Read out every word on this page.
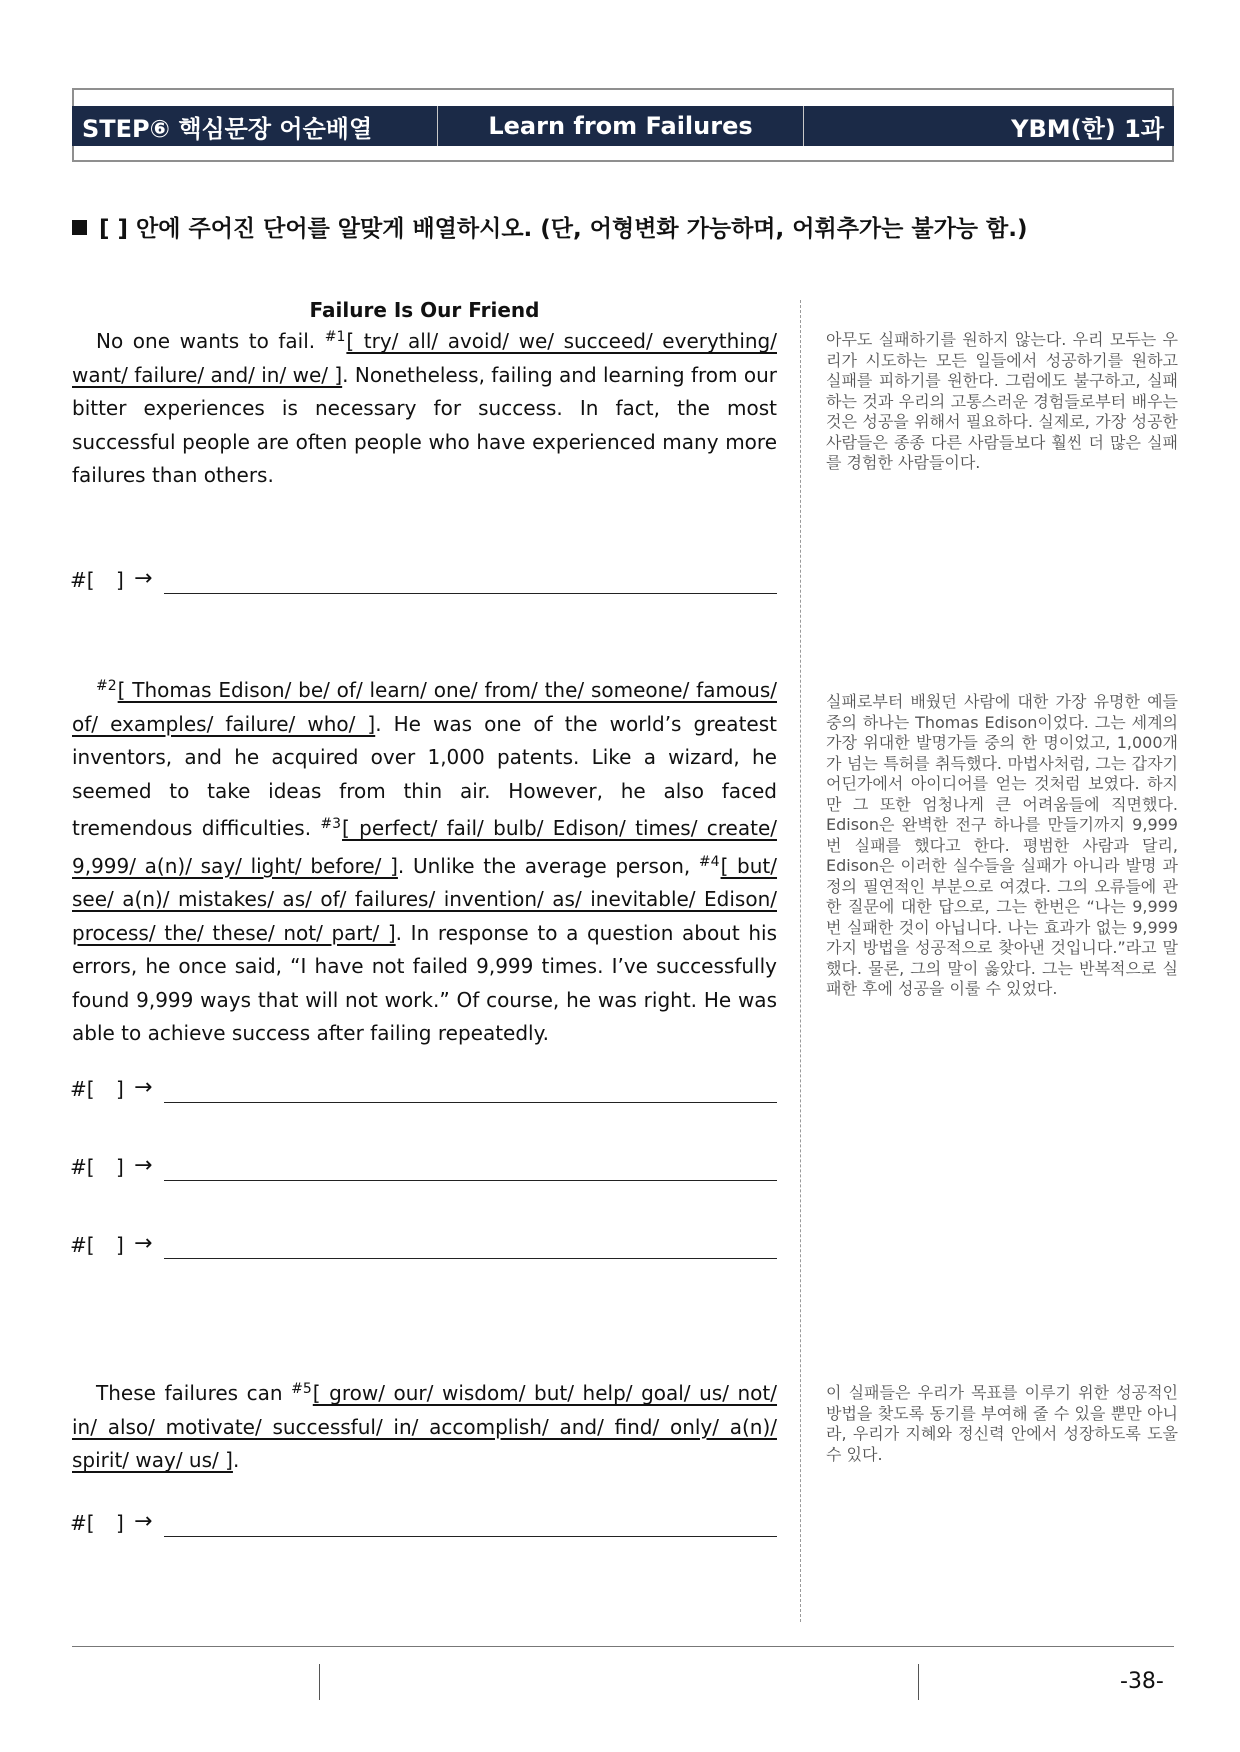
STEP⑥ 핵심문장 어순배열	Learn from Failures	YBM(한) 1과
[ ] 안에 주어진 단어를 알맞게 배열하시오. (단, 어형변화 가능하며, 어휘추가는 불가능 함.)
Failure Is Our Friend
No one wants to fail. $^{\#1}$[ try/ all/ avoid/ we/ succeed/ everything/ want/ failure/ and/ in/ we/ ]. Nonetheless, failing and learning from our bitter experiences is necessary for success. In fact, the most successful people are often people who have experienced many more failures than others.
아무도 실패하기를 원하지 않는다. 우리 모두는 우리가 시도하는 모든 일들에서 성공하기를 원하고 실패를 피하기를 원한다. 그럼에도 불구하고, 실패하는 것과 우리의 고통스러운 경험들로부터 배우는 것은 성공을 위해서 필요하다. 실제로, 가장 성공한 사람들은 종종 다른 사람들보다 훨씬 더 많은 실패를 경험한 사람들이다.
#[ ] →
$^{\#2}$[ Thomas Edison/ be/ of/ learn/ one/ from/ the/ someone/ famous/ of/ examples/ failure/ who/ ]. He was one of the world’s greatest inventors, and he acquired over 1,000 patents. Like a wizard, he seemed to take ideas from thin air. However, he also faced tremendous difficulties. $^{\#3}$[ perfect/ fail/ bulb/ Edison/ times/ create/ 9,999/ a(n)/ say/ light/ before/ ]. Unlike the average person, $^{\#4}$[ but/ see/ a(n)/ mistakes/ as/ of/ failures/ invention/ as/ inevitable/ Edison/ process/ the/ these/ not/ part/ ]. In response to a question about his errors, he once said, “I have not failed 9,999 times. I’ve successfully found 9,999 ways that will not work.” Of course, he was right. He was able to achieve success after failing repeatedly.
실패로부터 배웠던 사람에 대한 가장 유명한 예들 중의 하나는 Thomas Edison이었다. 그는 세계의 가장 위대한 발명가들 중의 한 명이었고, 1,000개가 넘는 특허를 취득했다. 마법사처럼, 그는 갑자기 어딘가에서 아이디어를 얻는 것처럼 보였다. 하지만 그 또한 엄청나게 큰 어려움들에 직면했다. Edison은 완벽한 전구 하나를 만들기까지 9,999번 실패를 했다고 한다. 평범한 사람과 달리, Edison은 이러한 실수들을 실패가 아니라 발명 과정의 필연적인 부분으로 여겼다. 그의 오류들에 관한 질문에 대한 답으로, 그는 한번은 “나는 9,999번 실패한 것이 아닙니다. 나는 효과가 없는 9,999가지 방법을 성공적으로 찾아낸 것입니다.”라고 말했다. 물론, 그의 말이 옳았다. 그는 반복적으로 실패한 후에 성공을 이룰 수 있었다.
#[ ] →
#[ ] →
#[ ] →
These failures can $^{\#5}$[ grow/ our/ wisdom/ but/ help/ goal/ us/ not/ in/ also/ motivate/ successful/ in/ accomplish/ and/ find/ only/ a(n)/ spirit/ way/ us/ ].
이 실패들은 우리가 목표를 이루기 위한 성공적인 방법을 찾도록 동기를 부여해 줄 수 있을 뿐만 아니라, 우리가 지혜와 정신력 안에서 성장하도록 도울 수 있다.
#[ ] →
-38-
